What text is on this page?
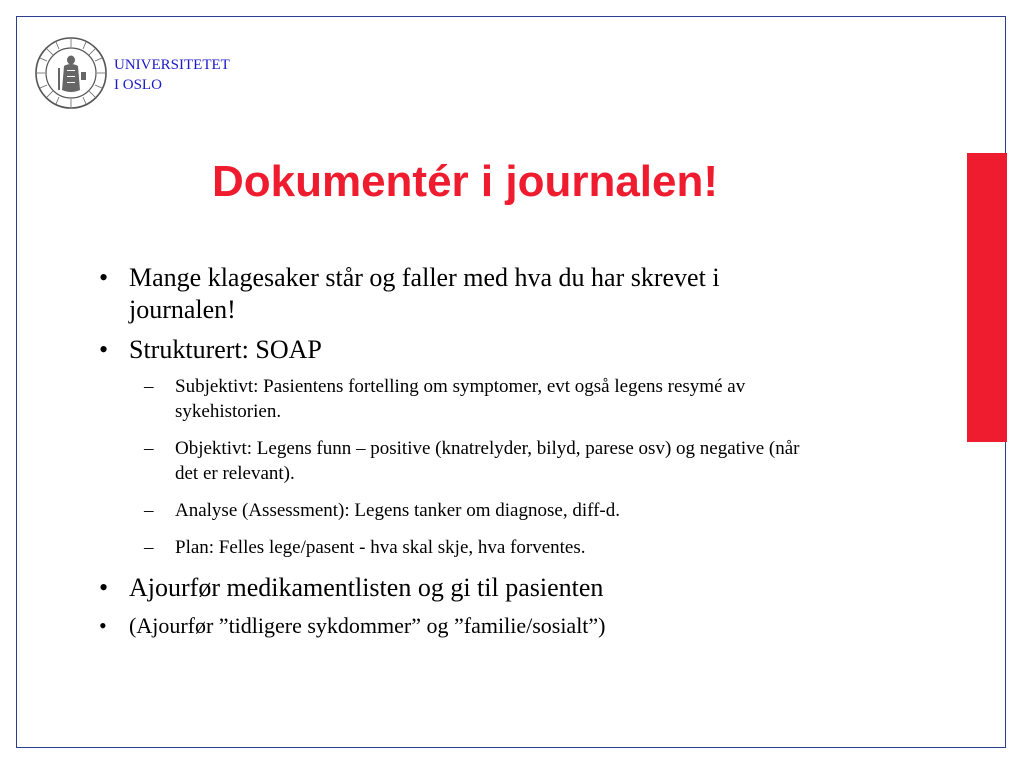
UNIVERSITETET
I OSLO
Dokumentér i journalen!
• Mange klagesaker står og faller med hva du har skrevet i journalen!
• Strukturert: SOAP
– Subjektivt: Pasientens fortelling om symptomer, evt også legens resymé av sykehistorien.
– Objektivt: Legens funn – positive (knatrelyder, bilyd, parese osv) og negative (når det er relevant).
– Analyse (Assessment): Legens tanker om diagnose, diff-d.
– Plan: Felles lege/pasent - hva skal skje, hva forventes.
• Ajourfør medikamentlisten og gi til pasienten
• (Ajourfør ”tidligere sykdommer” og ”familie/sosialt”)
